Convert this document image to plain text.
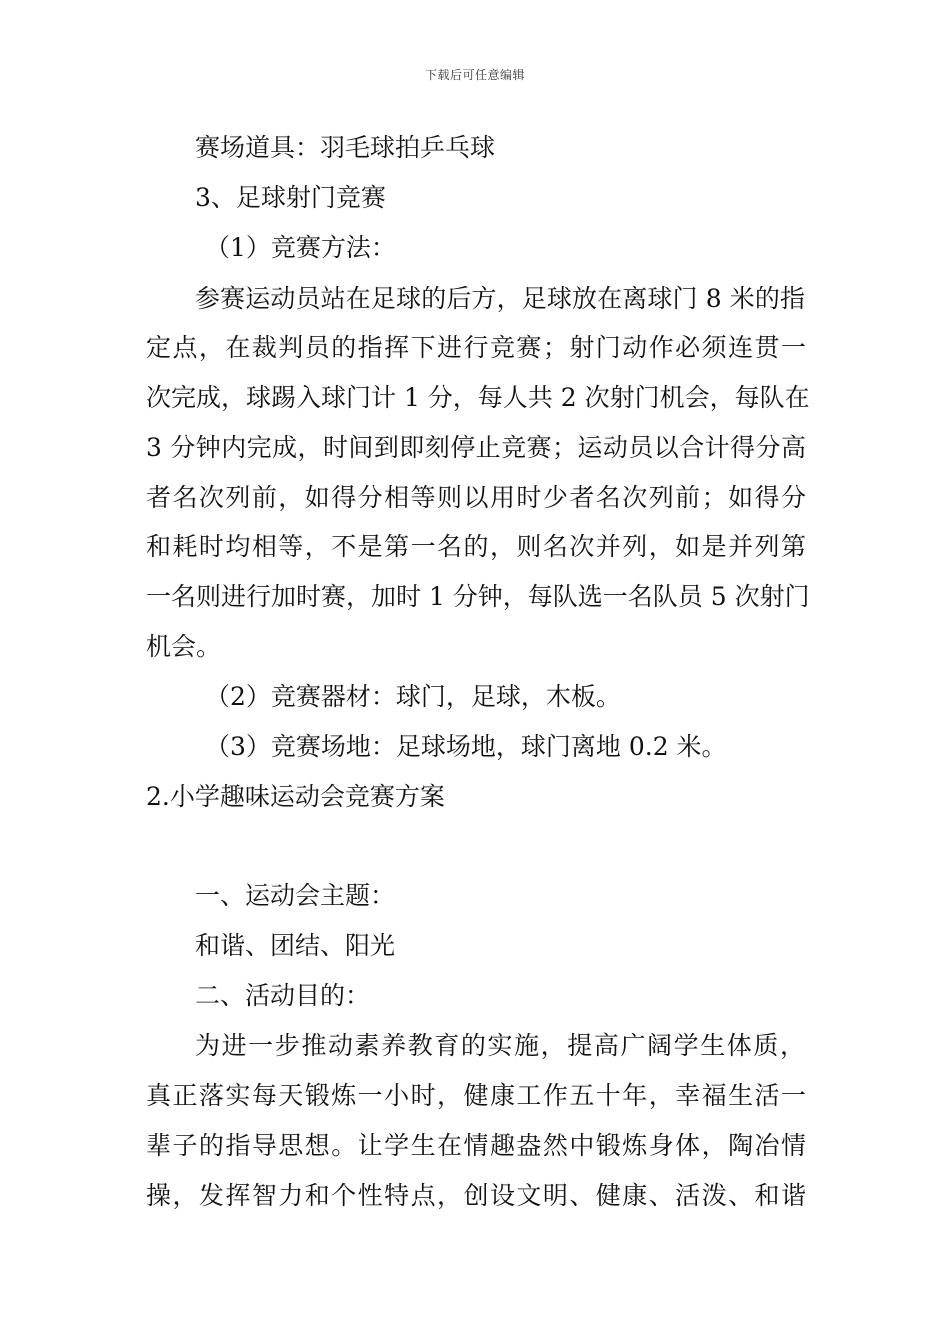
下载后可任意编辑
赛场道具：羽毛球拍乒乓球
3、足球射门竞赛
（1）竞赛方法：
参赛运动员站在足球的后方，足球放在离球门 8 米的指
定点，在裁判员的指挥下进行竞赛；射门动作必须连贯一
次完成，球踢入球门计 1 分，每人共 2 次射门机会，每队在
3 分钟内完成，时间到即刻停止竞赛；运动员以合计得分高
者名次列前，如得分相等则以用时少者名次列前；如得分
和耗时均相等，不是第一名的，则名次并列，如是并列第
一名则进行加时赛，加时 1 分钟，每队选一名队员 5 次射门
机会。
（2）竞赛器材：球门，足球，木板。
（3）竞赛场地：足球场地，球门离地 0.2 米。
2.小学趣味运动会竞赛方案
一、运动会主题：
和谐、团结、阳光
二、活动目的：
为进一步推动素养教育的实施，提高广阔学生体质，
真正落实每天锻炼一小时，健康工作五十年，幸福生活一
辈子的指导思想。让学生在情趣盎然中锻炼身体，陶冶情
操，发挥智力和个性特点，创设文明、健康、活泼、和谐
